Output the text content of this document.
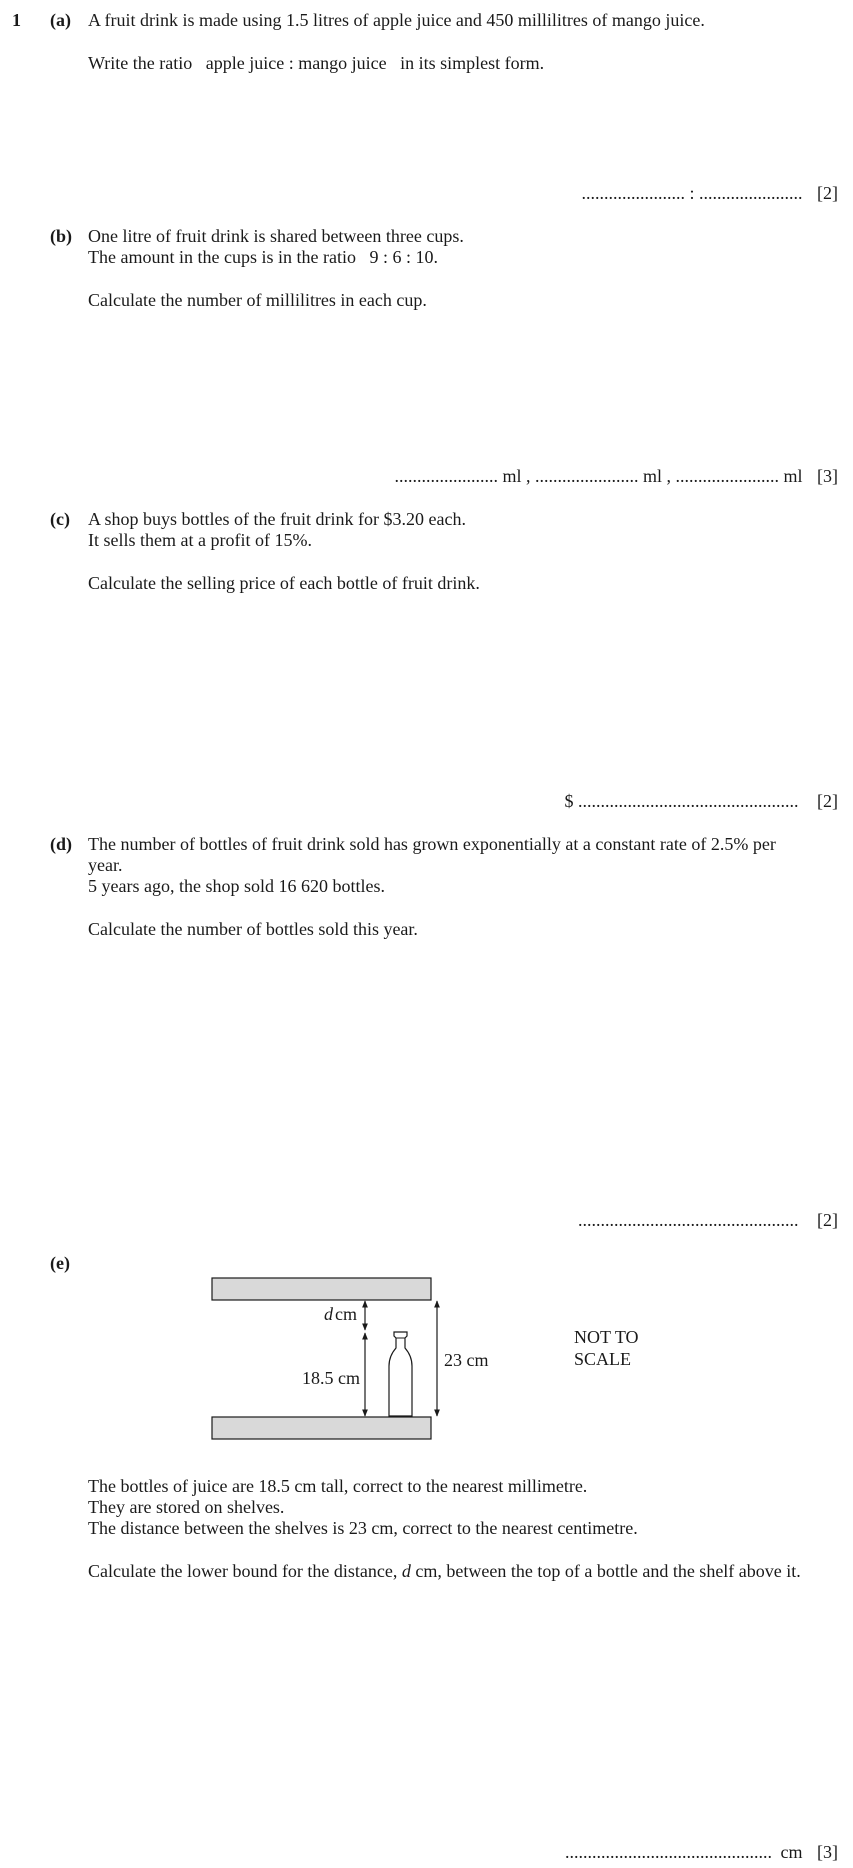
1 (a) A fruit drink is made using 1.5 litres of apple juice and 450 millilitres of mango juice.
Write the ratio   apple juice : mango juice   in its simplest form.
....................... : ....................... [2]
(b) One litre of fruit drink is shared between three cups.
The amount in the cups is in the ratio   9 : 6 : 10.
Calculate the number of millilitres in each cup.
....................... ml , ....................... ml , ....................... ml [3]
(c) A shop buys bottles of the fruit drink for $3.20 each.
It sells them at a profit of 15%.
Calculate the selling price of each bottle of fruit drink.
$ ................................................. [2]
(d) The number of bottles of fruit drink sold has grown exponentially at a constant rate of 2.5% per
year.
5 years ago, the shop sold 16 620 bottles.
Calculate the number of bottles sold this year.
................................................. [2]
(e)
d cm
18.5 cm
23 cm
NOT TO
SCALE
The bottles of juice are 18.5 cm tall, correct to the nearest millimetre.
They are stored on shelves.
The distance between the shelves is 23 cm, correct to the nearest centimetre.
Calculate the lower bound for the distance, d cm, between the top of a bottle and the shelf above it.
.............................................. cm [3]
